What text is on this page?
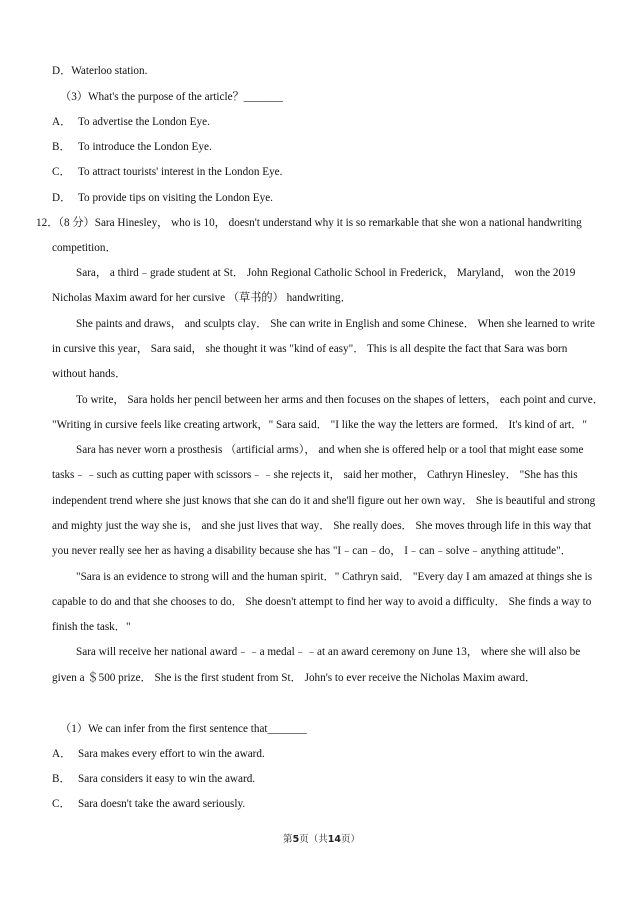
D．Waterloo station.
（3）What's the purpose of the article？_______
A． To advertise the London Eye.
B． To introduce the London Eye.
C． To attract tourists' interest in the London Eye.
D． To provide tips on visiting the London Eye.
12．（8 分）Sara Hinesley， who is 10， doesn't understand why it is so remarkable that she won a national handwriting
competition．
Sara， a third﹣grade student at St． John Regional Catholic School in Frederick， Maryland， won the 2019
Nicholas Maxim award for her cursive （草书的） handwriting．
She paints and draws， and sculpts clay． She can write in English and some Chinese． When she learned to write
in cursive this year， Sara said， she thought it was "kind of easy"． This is all despite the fact that Sara was born
without hands．
To write， Sara holds her pencil between her arms and then focuses on the shapes of letters， each point and curve．
"Writing in cursive feels like creating artwork，" Sara said． "I like the way the letters are formed． It's kind of art．"
Sara has never worn a prosthesis （artificial arms）， and when she is offered help or a tool that might ease some
tasks﹣﹣such as cutting paper with scissors﹣﹣she rejects it， said her mother， Cathryn Hinesley． "She has this
independent trend where she just knows that she can do it and she'll figure out her own way． She is beautiful and strong
and mighty just the way she is， and she just lives that way． She really does． She moves through life in this way that
you never really see her as having a disability because she has "I﹣can﹣do， I﹣can﹣solve﹣anything attitude"．
"Sara is an evidence to strong will and the human spirit．" Cathryn said． "Every day I am amazed at things she is
capable to do and that she chooses to do． She doesn't attempt to find her way to avoid a difficulty． She finds a way to
finish the task．"
Sara will receive her national award﹣﹣a medal﹣﹣at an award ceremony on June 13， where she will also be
given a ＄500 prize． She is the first student from St． John's to ever receive the Nicholas Maxim award．
（1）We can infer from the first sentence that_______
A． Sara makes every effort to win the award.
B． Sara considers it easy to win the award.
C． Sara doesn't take the award seriously.
第5页（共14页）
